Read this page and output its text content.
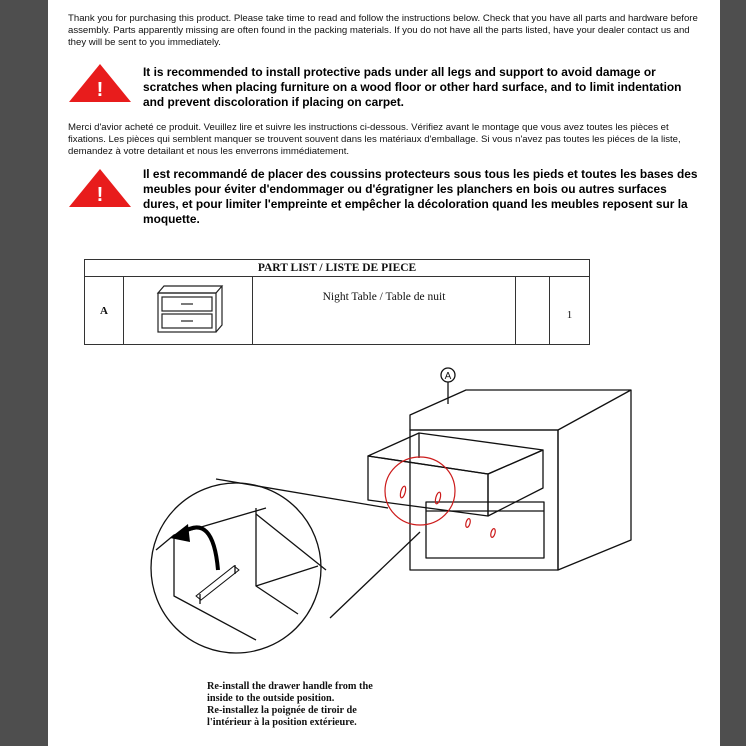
Thank you for purchasing this product. Please take time to read and follow the instructions below. Check that you have all parts and hardware before assembly. Parts apparently missing are often found in the packing materials. If you do not have all the parts listed, have your dealer contact us and they will be sent to you immediately.
!
It is recommended to install protective pads under all legs and support to avoid damage or scratches when placing furniture on a wood floor or other hard surface, and to limit indentation and prevent discoloration if placing on carpet.
Merci d'avior acheté ce produit. Veuillez lire et suivre les instructions ci-dessous. Vérifiez avant le montage que vous avez toutes les pièces et fixations. Les pièces qui semblent manquer se trouvent souvent dans les matériaux d'emballage. Si vous n'avez pas toutes les piéces de la liste, demandez à votre detailant et nous les enverrons immédiatement.
!
Il est recommandé de placer des coussins protecteurs sous tous les pieds et toutes les bases des meubles pour éviter d'endommager ou d'égratigner les planchers en bois ou autres surfaces dures, et pour limiter l'empreinte et empêcher la décoloration quand les meubles reposent sur la moquette.
PART LIST / LISTE DE PIECE
A		Night Table / Table de nuit		1
A
Re-install the drawer handle from the
inside to the outside position.
Re-installez la poignée de tiroir de
l'intérieur à la position extérieure.
